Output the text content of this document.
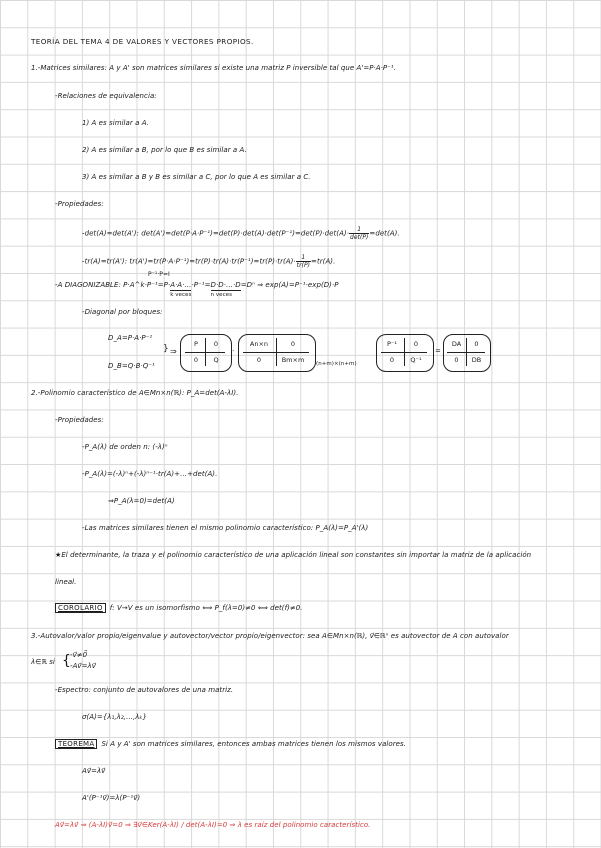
TEORÍA DEL TEMA 4 DE VALORES Y VECTORES PROPIOS.
1.-Matrices similares: A y A' son matrices similares si existe una matriz P inversible tal que A'=P·A·P⁻¹.
-Relaciones de equivalencia:
1) A es similar a A.
2) A es similar a B, por lo que B es similar a A.
3) A es similar a B y B es similar a C, por lo que A es similar a C.
-Propiedades:
-det(A)=det(A'): $\det(A')=\det(P\cdot A\cdot P^{-1})=\det(P)\cdot\det(A)\cdot\det(P^{-1})=\det(P)\cdot\det(A)\cdot \frac{1}{\det(P)} =\det(A)$.
-tr(A)=tr(A'): $tr(A')=tr(P\cdot A\cdot P^{-1})=tr(P)\cdot tr(A)\cdot tr(P^{-1})=tr(P)\cdot tr(A)\cdot \frac{1}{tr(P)} =tr(A)$.
P⁻¹·P=I
-A DIAGONIZABLE: P·A^k·P⁻¹=P·A·A·…
k veces
·P⁻¹=D·D·…·D
n veces
=Dⁿ ⇒ exp(A)=P⁻¹·exp(D)·P
-Diagonal por bloques:
D_A=P·A·P⁻¹
D_B=Q·B·Q⁻¹
} ⇒
P	0
0	Q
·
An×n	0
0	Bm×m	(n+m)×(n+m)
P⁻¹	0
0	Q⁻¹
=
DA	0
0	DB
2.-Polinomio característico de A∈Mn×n(ℝ): P_A=det(A-λI).
-Propiedades:
-P_A(λ) de orden n: (-λ)ⁿ
-P_A(λ)=(-λ)ⁿ+(-λ)ⁿ⁻¹·tr(A)+…+det(A).
⇒P_A(λ=0)=det(A)
-Las matrices similares tienen el mismo polinomio característico: P_A(λ)=P_A'(λ)
★El determinante, la traza y el polinomio característico de una aplicación lineal son constantes sin importar la matriz de la aplicación
lineal.
COROLARIO f: V→V es un isomorfismo ⟺ P_f(λ=0)≠0 ⟺ det(f)≠0.
3.-Autovalor/valor propio/eigenvalue y autovector/vector propio/eigenvector: sea A∈Mn×n(ℝ), v⃗∈ℝⁿ es autovector de A con autovalor
λ∈ℝ si { -v⃗≠0⃗
-Av⃗=λv⃗
-Espectro: conjunto de autovalores de una matriz.
σ(A)={λ₁,λ₂,…,λₖ}
TEOREMA Si A y A' son matrices similares, entonces ambas matrices tienen los mismos valores.
Av⃗=λv⃗
A'(P⁻¹v⃗)=λ(P⁻¹v⃗)
Av⃗=λv⃗ ⇒ (A-λI)v⃗=0 ⇒ ∃v⃗∈Ker(A-λI) / det(A-λI)=0 ⇒ λ es raíz del polinomio característico.
